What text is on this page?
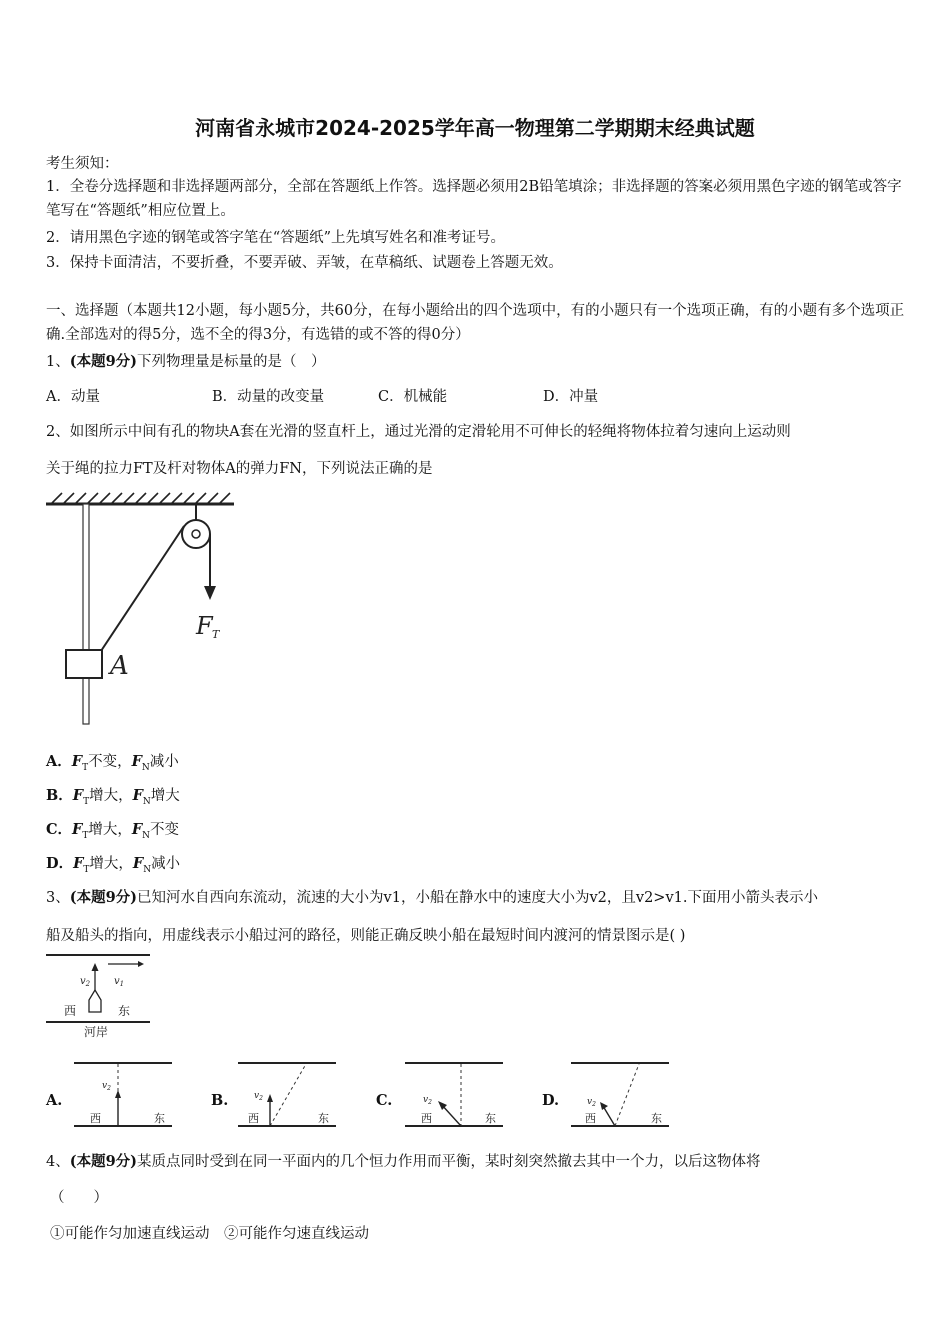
河南省永城市2024-2025学年高一物理第二学期期末经典试题
考生须知：
1．全卷分选择题和非选择题两部分，全部在答题纸上作答。选择题必须用2B铅笔填涂；非选择题的答案必须用黑色字迹的钢笔或答字笔写在“答题纸”相应位置上。
2．请用黑色字迹的钢笔或答字笔在“答题纸”上先填写姓名和准考证号。
3．保持卡面清洁，不要折叠，不要弄破、弄皱，在草稿纸、试题卷上答题无效。
一、选择题（本题共12小题，每小题5分，共60分，在每小题给出的四个选项中，有的小题只有一个选项正确，有的小题有多个选项正确.全部选对的得5分，选不全的得3分，有选错的或不答的得0分）
1、(本题9分)下列物理量是标量的是（　）
A．动量	B．动量的改变量	C．机械能	D．冲量
2、如图所示中间有孔的物块A套在光滑的竖直杆上，通过光滑的定滑轮用不可伸长的轻绳将物体拉着匀速向上运动则
关于绳的拉力FT及杆对物体A的弹力FN，下列说法正确的是
F T
A
A．$F_T$不变，$F_N$减小
B．$F_T$增大，$F_N$增大
C．$F_T$增大，$F_N$不变
D．$F_T$增大，$F_N$减小
3、(本题9分)已知河水自西向东流动，流速的大小为v1，小船在静水中的速度大小为v2，且v2>v1.下面用小箭头表示小
船及船头的指向，用虚线表示小船过河的路径，则能正确反映小船在最短时间内渡河的情景图示是( )
$v_2$ $v_1$
西	东
河岸
A.
$v_2$
西	东
B.	$v_2$
西	东
C.	$v_2$
西	东
D.	$v_2$
西	东
4、(本题9分)某质点同时受到在同一平面内的几个恒力作用而平衡，某时刻突然撤去其中一个力，以后这物体将
（　　）
①可能作匀加速直线运动　②可能作匀速直线运动
